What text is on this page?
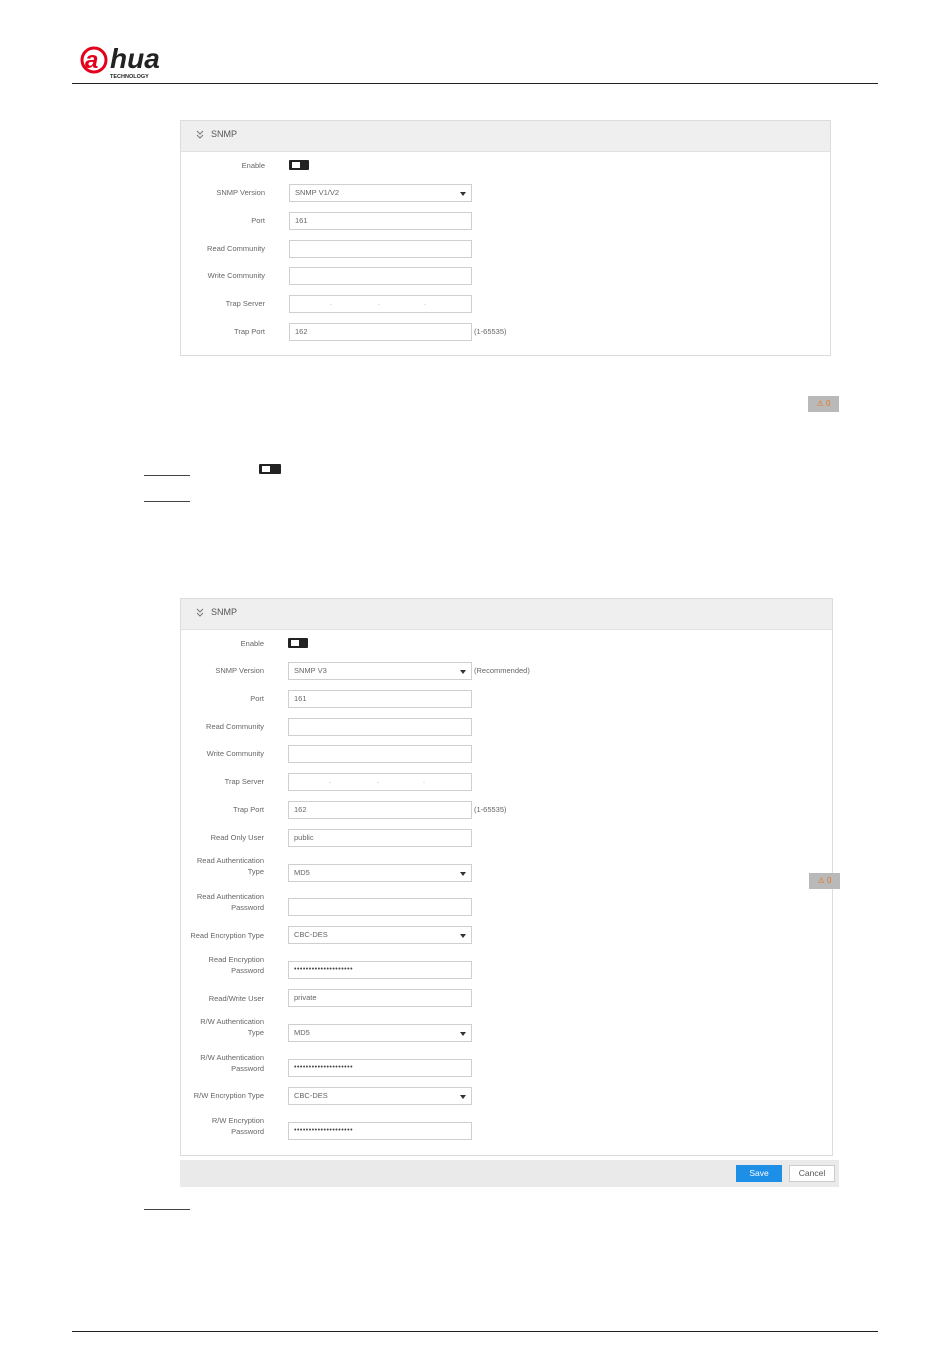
a hua
TECHNOLOGY
SNMP
Enable
SNMP Version	SNMP V1/V2
Port	161
Read Community
Write Community
Trap Server	.	.	.
Trap Port	162	(1-65535)
⚠ 0
SNMP
Enable
SNMP Version	SNMP V3	(Recommended)
Port	161
Read Community
Write Community
Trap Server	.	.	.
Trap Port	162	(1-65535)
Read Only User	public
Read Authentication
Type	MD5
Read Authentication
Password
Read Encryption Type	CBC-DES
Read Encryption
Password	••••••••••••••••••••
Read/Write User	private
R/W Authentication
Type	MD5
R/W Authentication
Password	••••••••••••••••••••
R/W Encryption Type	CBC-DES
R/W Encryption
Password	••••••••••••••••••••
⚠ 0
Save	Cancel
